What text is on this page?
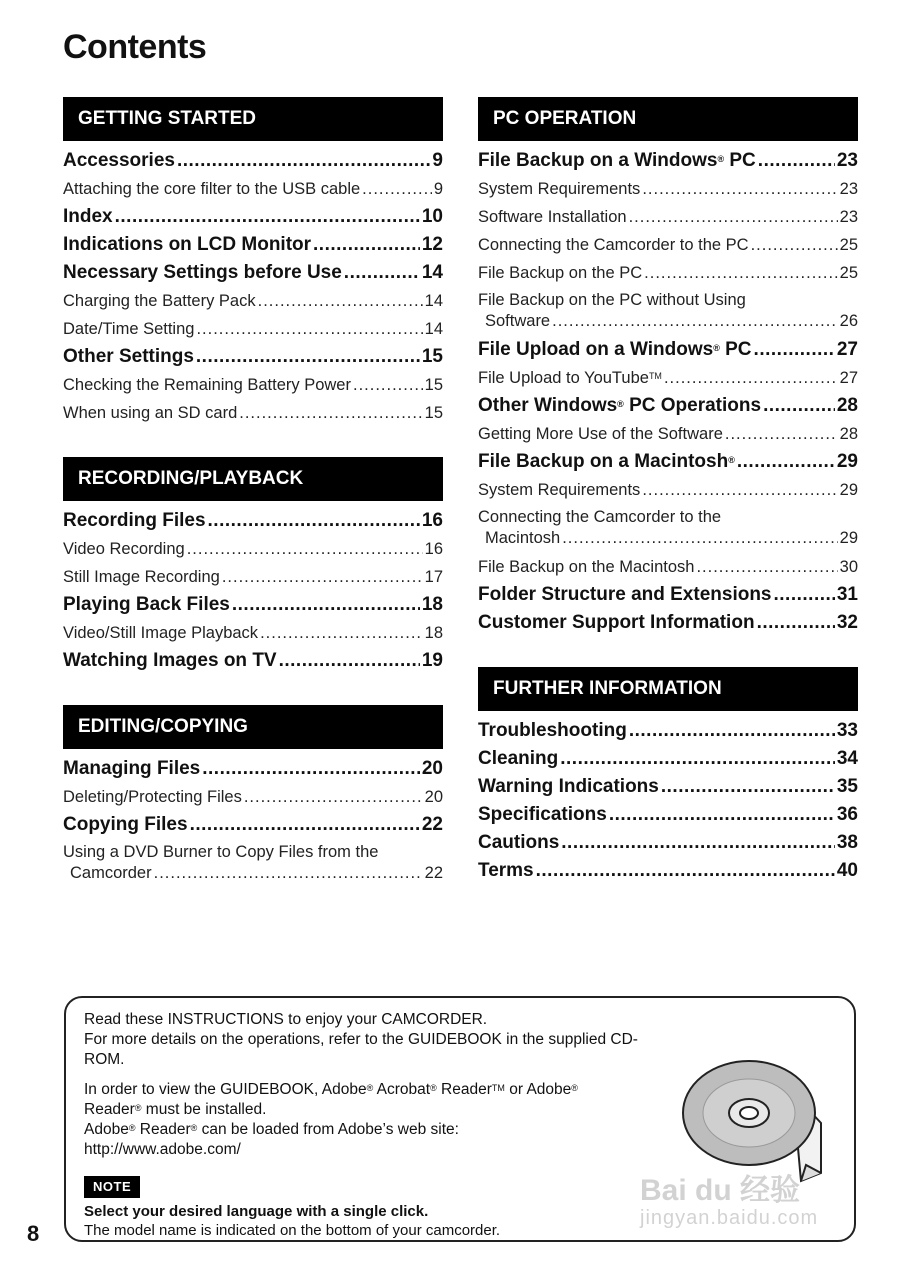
Contents
GETTING STARTED
Accessories .....	9
Attaching the core filter to the USB cable .....	9
Index .....	10
Indications on LCD Monitor .....	12
Necessary Settings before Use .....	14
Charging the Battery Pack .....	14
Date/Time Setting .....	14
Other Settings .....	15
Checking the Remaining Battery Power .....	15
When using an SD card .....	15
RECORDING/PLAYBACK
Recording Files .....	16
Video Recording .....	16
Still Image Recording .....	17
Playing Back Files .....	18
Video/Still Image Playback .....	18
Watching Images on TV .....	19
EDITING/COPYING
Managing Files .....	20
Deleting/Protecting Files .....	20
Copying Files .....	22
Using a DVD Burner to Copy Files from the
Camcorder .....	22
PC OPERATION
File Backup on a Windows® PC .....	23
System Requirements .....	23
Software Installation .....	23
Connecting the Camcorder to the PC .....	25
File Backup on the PC .....	25
File Backup on the PC without Using
Software .....	26
File Upload on a Windows® PC .....	27
File Upload to YouTube™ .....	27
Other Windows® PC Operations .....	28
Getting More Use of the Software .....	28
File Backup on a Macintosh® .....	29
System Requirements .....	29
Connecting the Camcorder to the
Macintosh .....	29
File Backup on the Macintosh .....	30
Folder Structure and Extensions .....	31
Customer Support Information .....	32
FURTHER INFORMATION
Troubleshooting .....	33
Cleaning .....	34
Warning Indications .....	35
Specifications .....	36
Cautions .....	38
Terms .....	40

Read these INSTRUCTIONS to enjoy your CAMCORDER.
For more details on the operations, refer to the GUIDEBOOK in the supplied CD-ROM.

In order to view the GUIDEBOOK, Adobe® Acrobat® Reader™ or Adobe®
Reader® must be installed.
Adobe® Reader® can be loaded from Adobe’s web site:
http://www.adobe.com/

NOTE
Select your desired language with a single click.
The model name is indicated on the bottom of your camcorder.
Bai du 经验
jingyan.baidu.com
8
